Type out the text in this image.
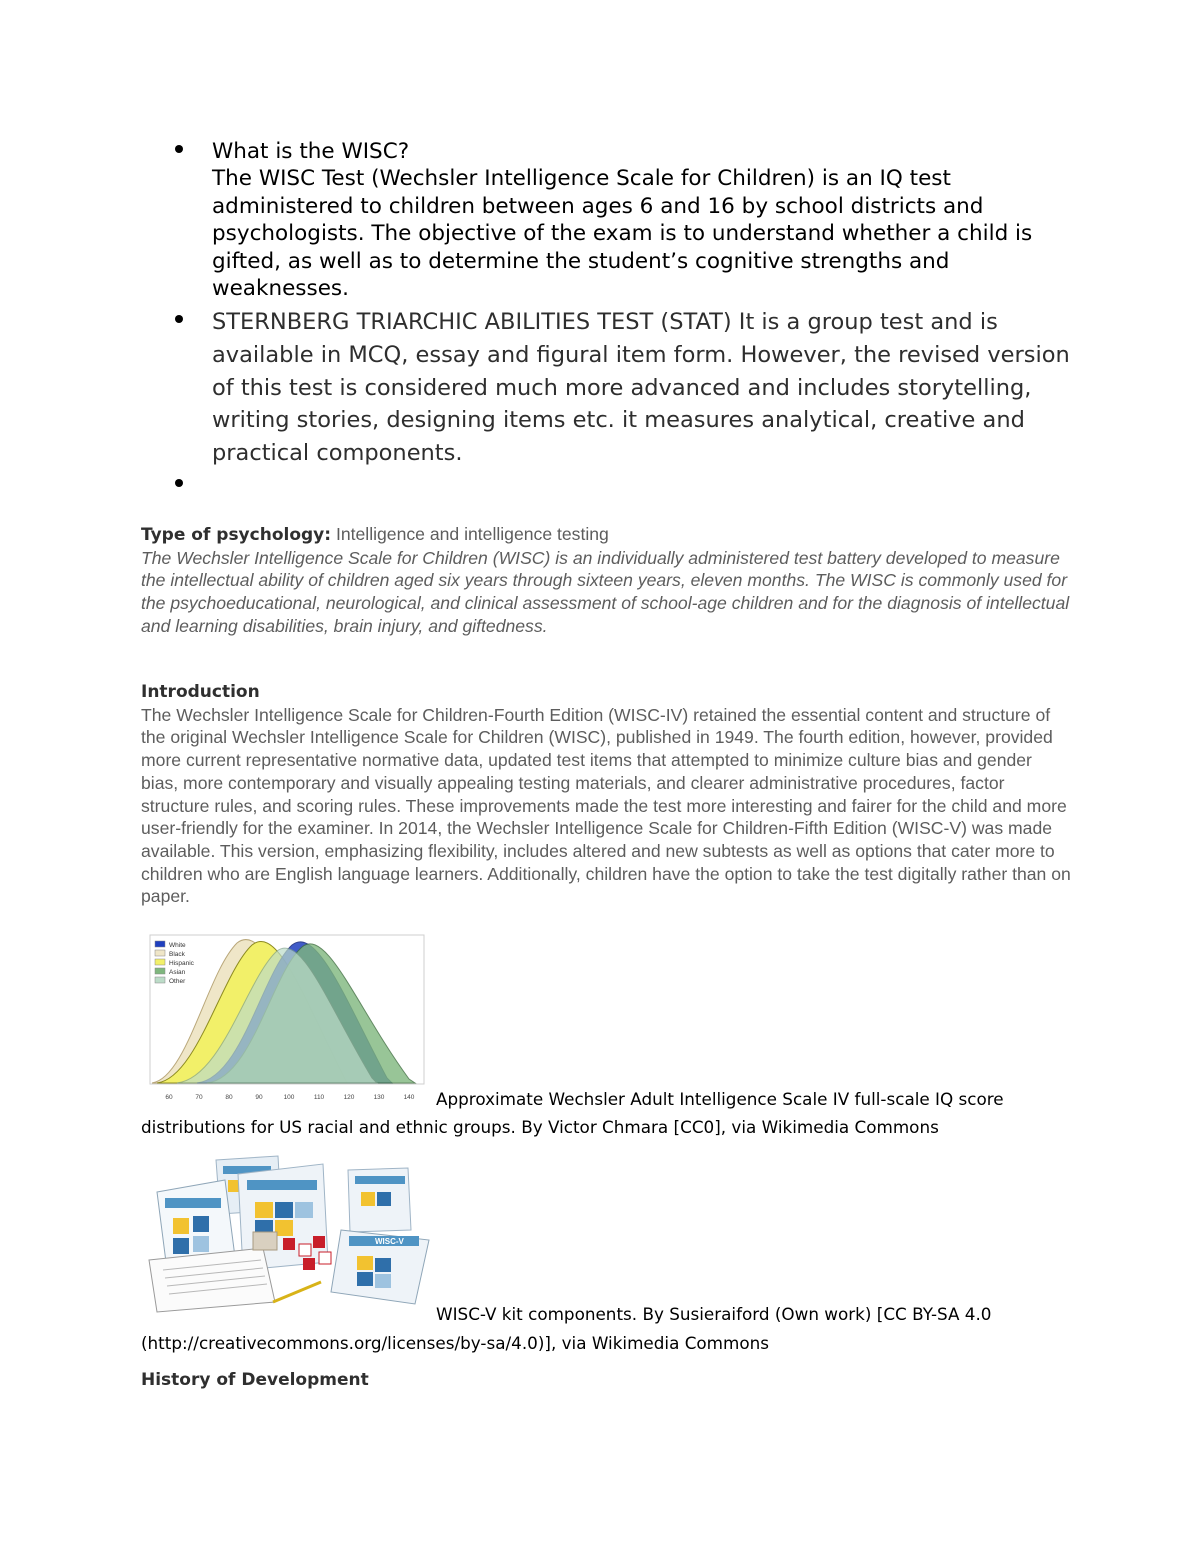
What is the WISC?
The WISC Test (Wechsler Intelligence Scale for Children) is an IQ test administered to children between ages 6 and 16 by school districts and psychologists. The objective of the exam is to understand whether a child is gifted, as well as to determine the student’s cognitive strengths and weaknesses.
STERNBERG TRIARCHIC ABILITIES TEST (STAT) It is a group test and is available in MCQ, essay and figural item form. However, the revised version of this test is considered much more advanced and includes storytelling, writing stories, designing items etc. it measures analytical, creative and practical components.
Type of psychology: Intelligence and intelligence testing
The Wechsler Intelligence Scale for Children (WISC) is an individually administered test battery developed to measure the intellectual ability of children aged six years through sixteen years, eleven months. The WISC is commonly used for the psychoeducational, neurological, and clinical assessment of school-age children and for the diagnosis of intellectual and learning disabilities, brain injury, and giftedness.
Introduction
The Wechsler Intelligence Scale for Children-Fourth Edition (WISC-IV) retained the essential content and structure of the original Wechsler Intelligence Scale for Children (WISC), published in 1949. The fourth edition, however, provided more current representative normative data, updated test items that attempted to minimize culture bias and gender bias, more contemporary and visually appealing testing materials, and clearer administrative procedures, factor structure rules, and scoring rules. These improvements made the test more interesting and fairer for the child and more user-friendly for the examiner. In 2014, the Wechsler Intelligence Scale for Children-Fifth Edition (WISC-V) was made available. This version, emphasizing flexibility, includes altered and new subtests as well as options that cater more to children who are English language learners. Additionally, children have the option to take the test digitally rather than on paper.
White
Black
Hispanic
Asian
Other
60	70	80	90	100	110	120	130	140 Approximate Wechsler Adult Intelligence Scale IV full-scale IQ score
distributions for US racial and ethnic groups. By Victor Chmara [CC0], via Wikimedia Commons
WISC-V
WISC-V kit components. By Susieraiford (Own work) [CC BY-SA 4.0
(http://creativecommons.org/licenses/by-sa/4.0)], via Wikimedia Commons
History of Development
